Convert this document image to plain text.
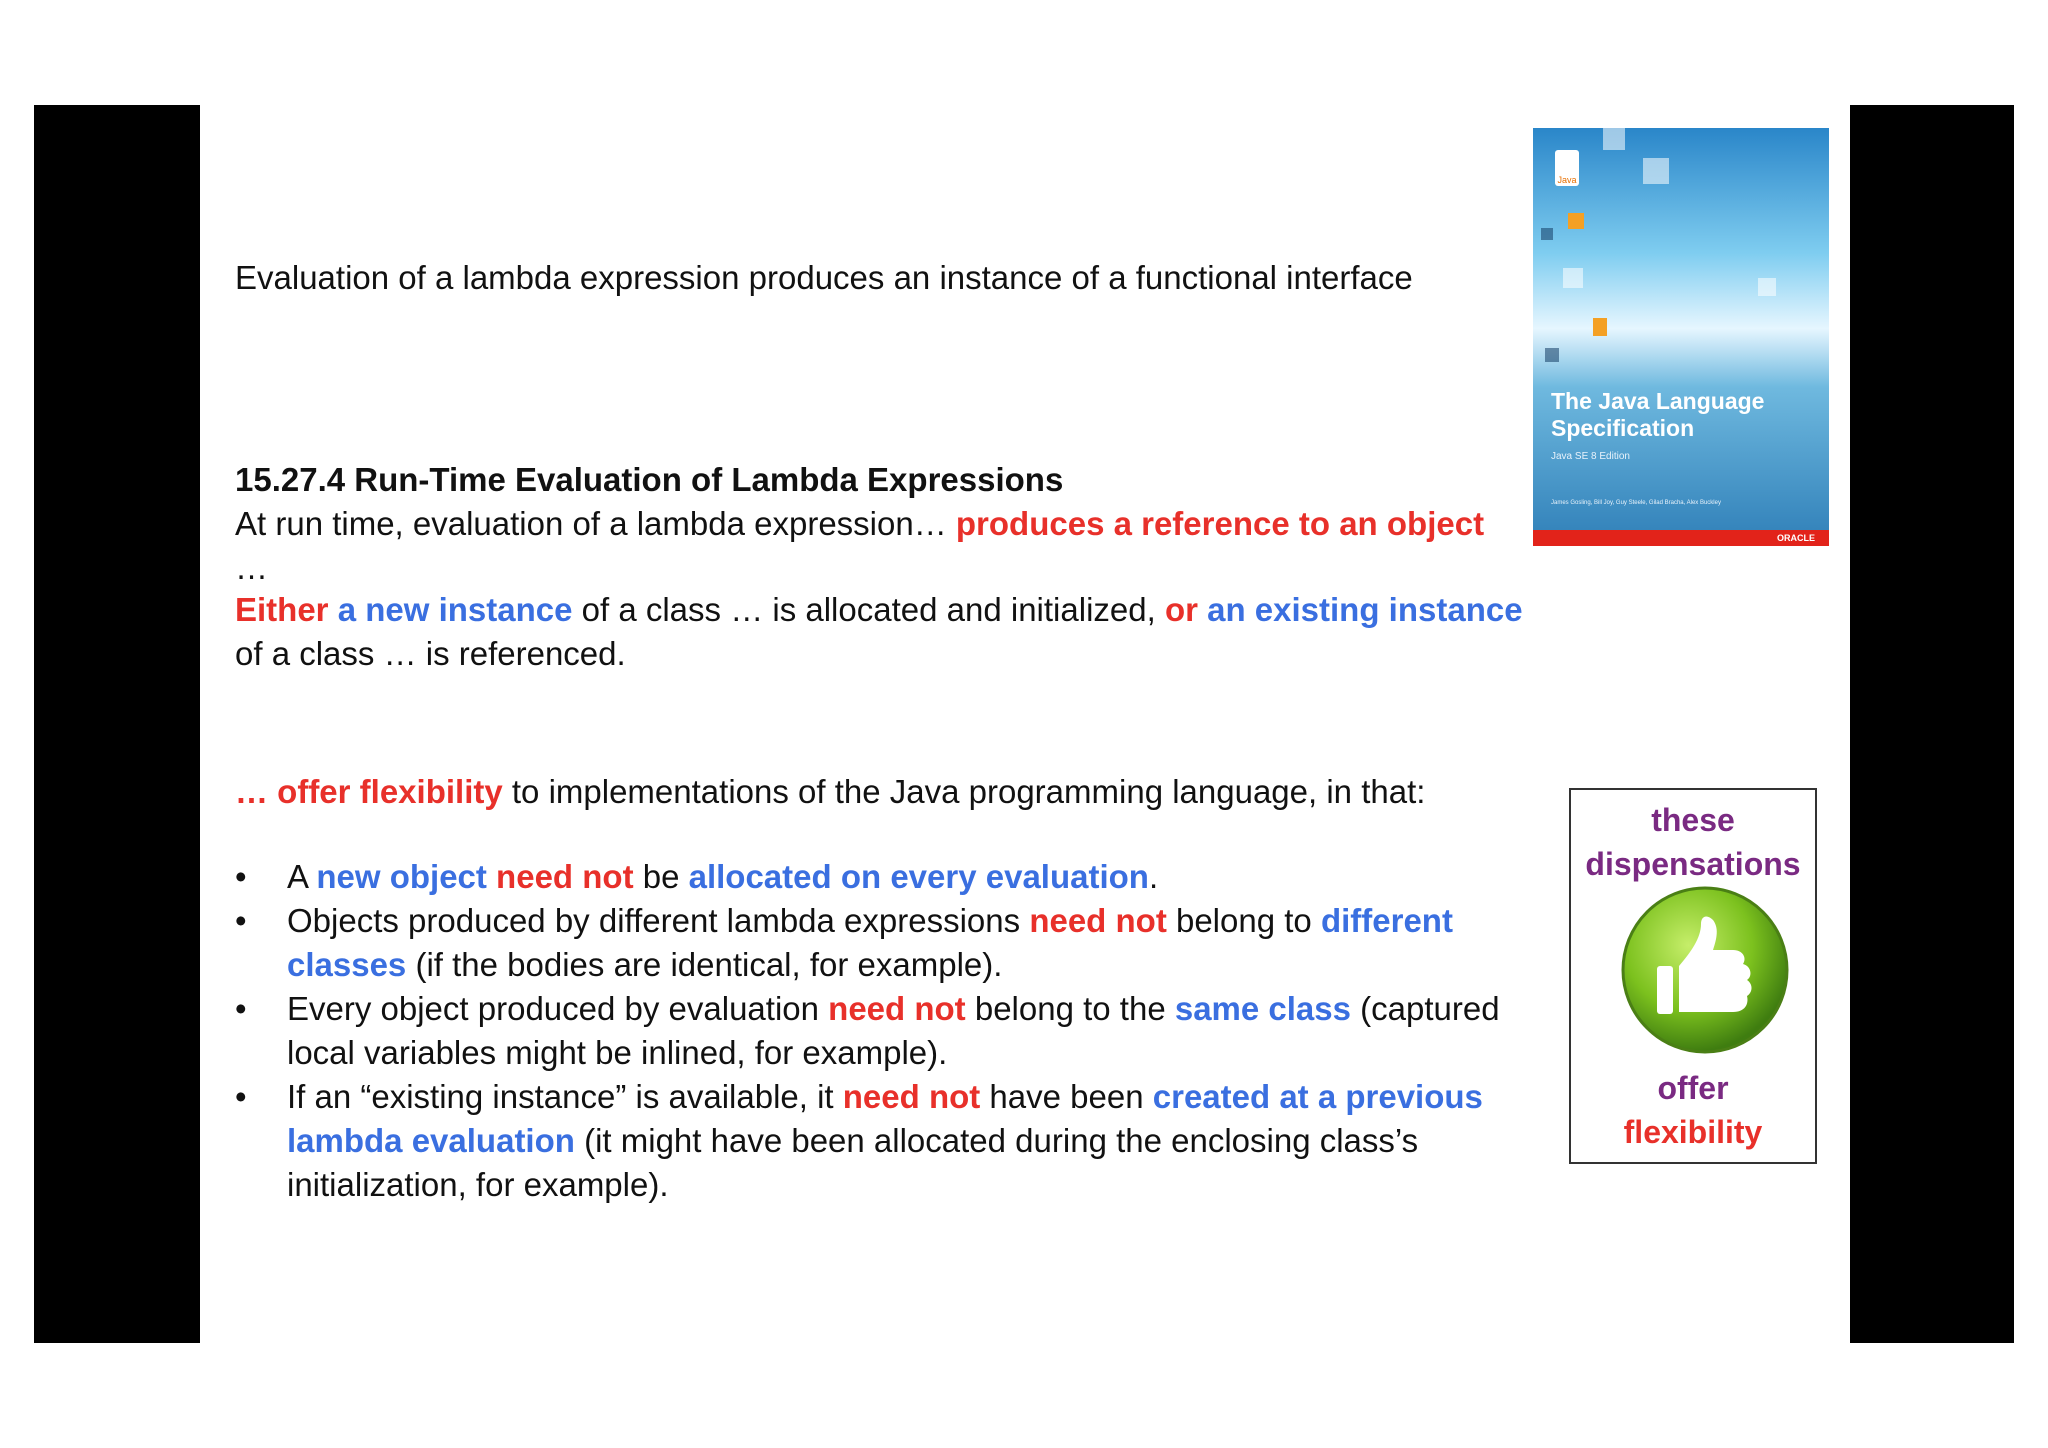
Evaluation of a lambda expression produces an instance of a functional interface
15.27.4 Run-Time Evaluation of Lambda Expressions
At run time, evaluation of a lambda expression… produces a reference to an object
…
Either a new instance of a class … is allocated and initialized, or an existing instance
of a class … is referenced.
… offer flexibility to implementations of the Java programming language, in that:
• A new object need not be allocated on every evaluation.
• Objects produced by different lambda expressions need not belong to different classes (if the bodies are identical, for example).
• Every object produced by evaluation need not belong to the same class (captured local variables might be inlined, for example).
• If an “existing instance” is available, it need not have been created at a previous lambda evaluation (it might have been allocated during the enclosing class’s initialization, for example).
Java
The Java Language
Specification
Java SE 8 Edition
James Gosling, Bill Joy, Guy Steele, Gilad Bracha, Alex Buckley
ORACLE
these
dispensations
offer
flexibility
